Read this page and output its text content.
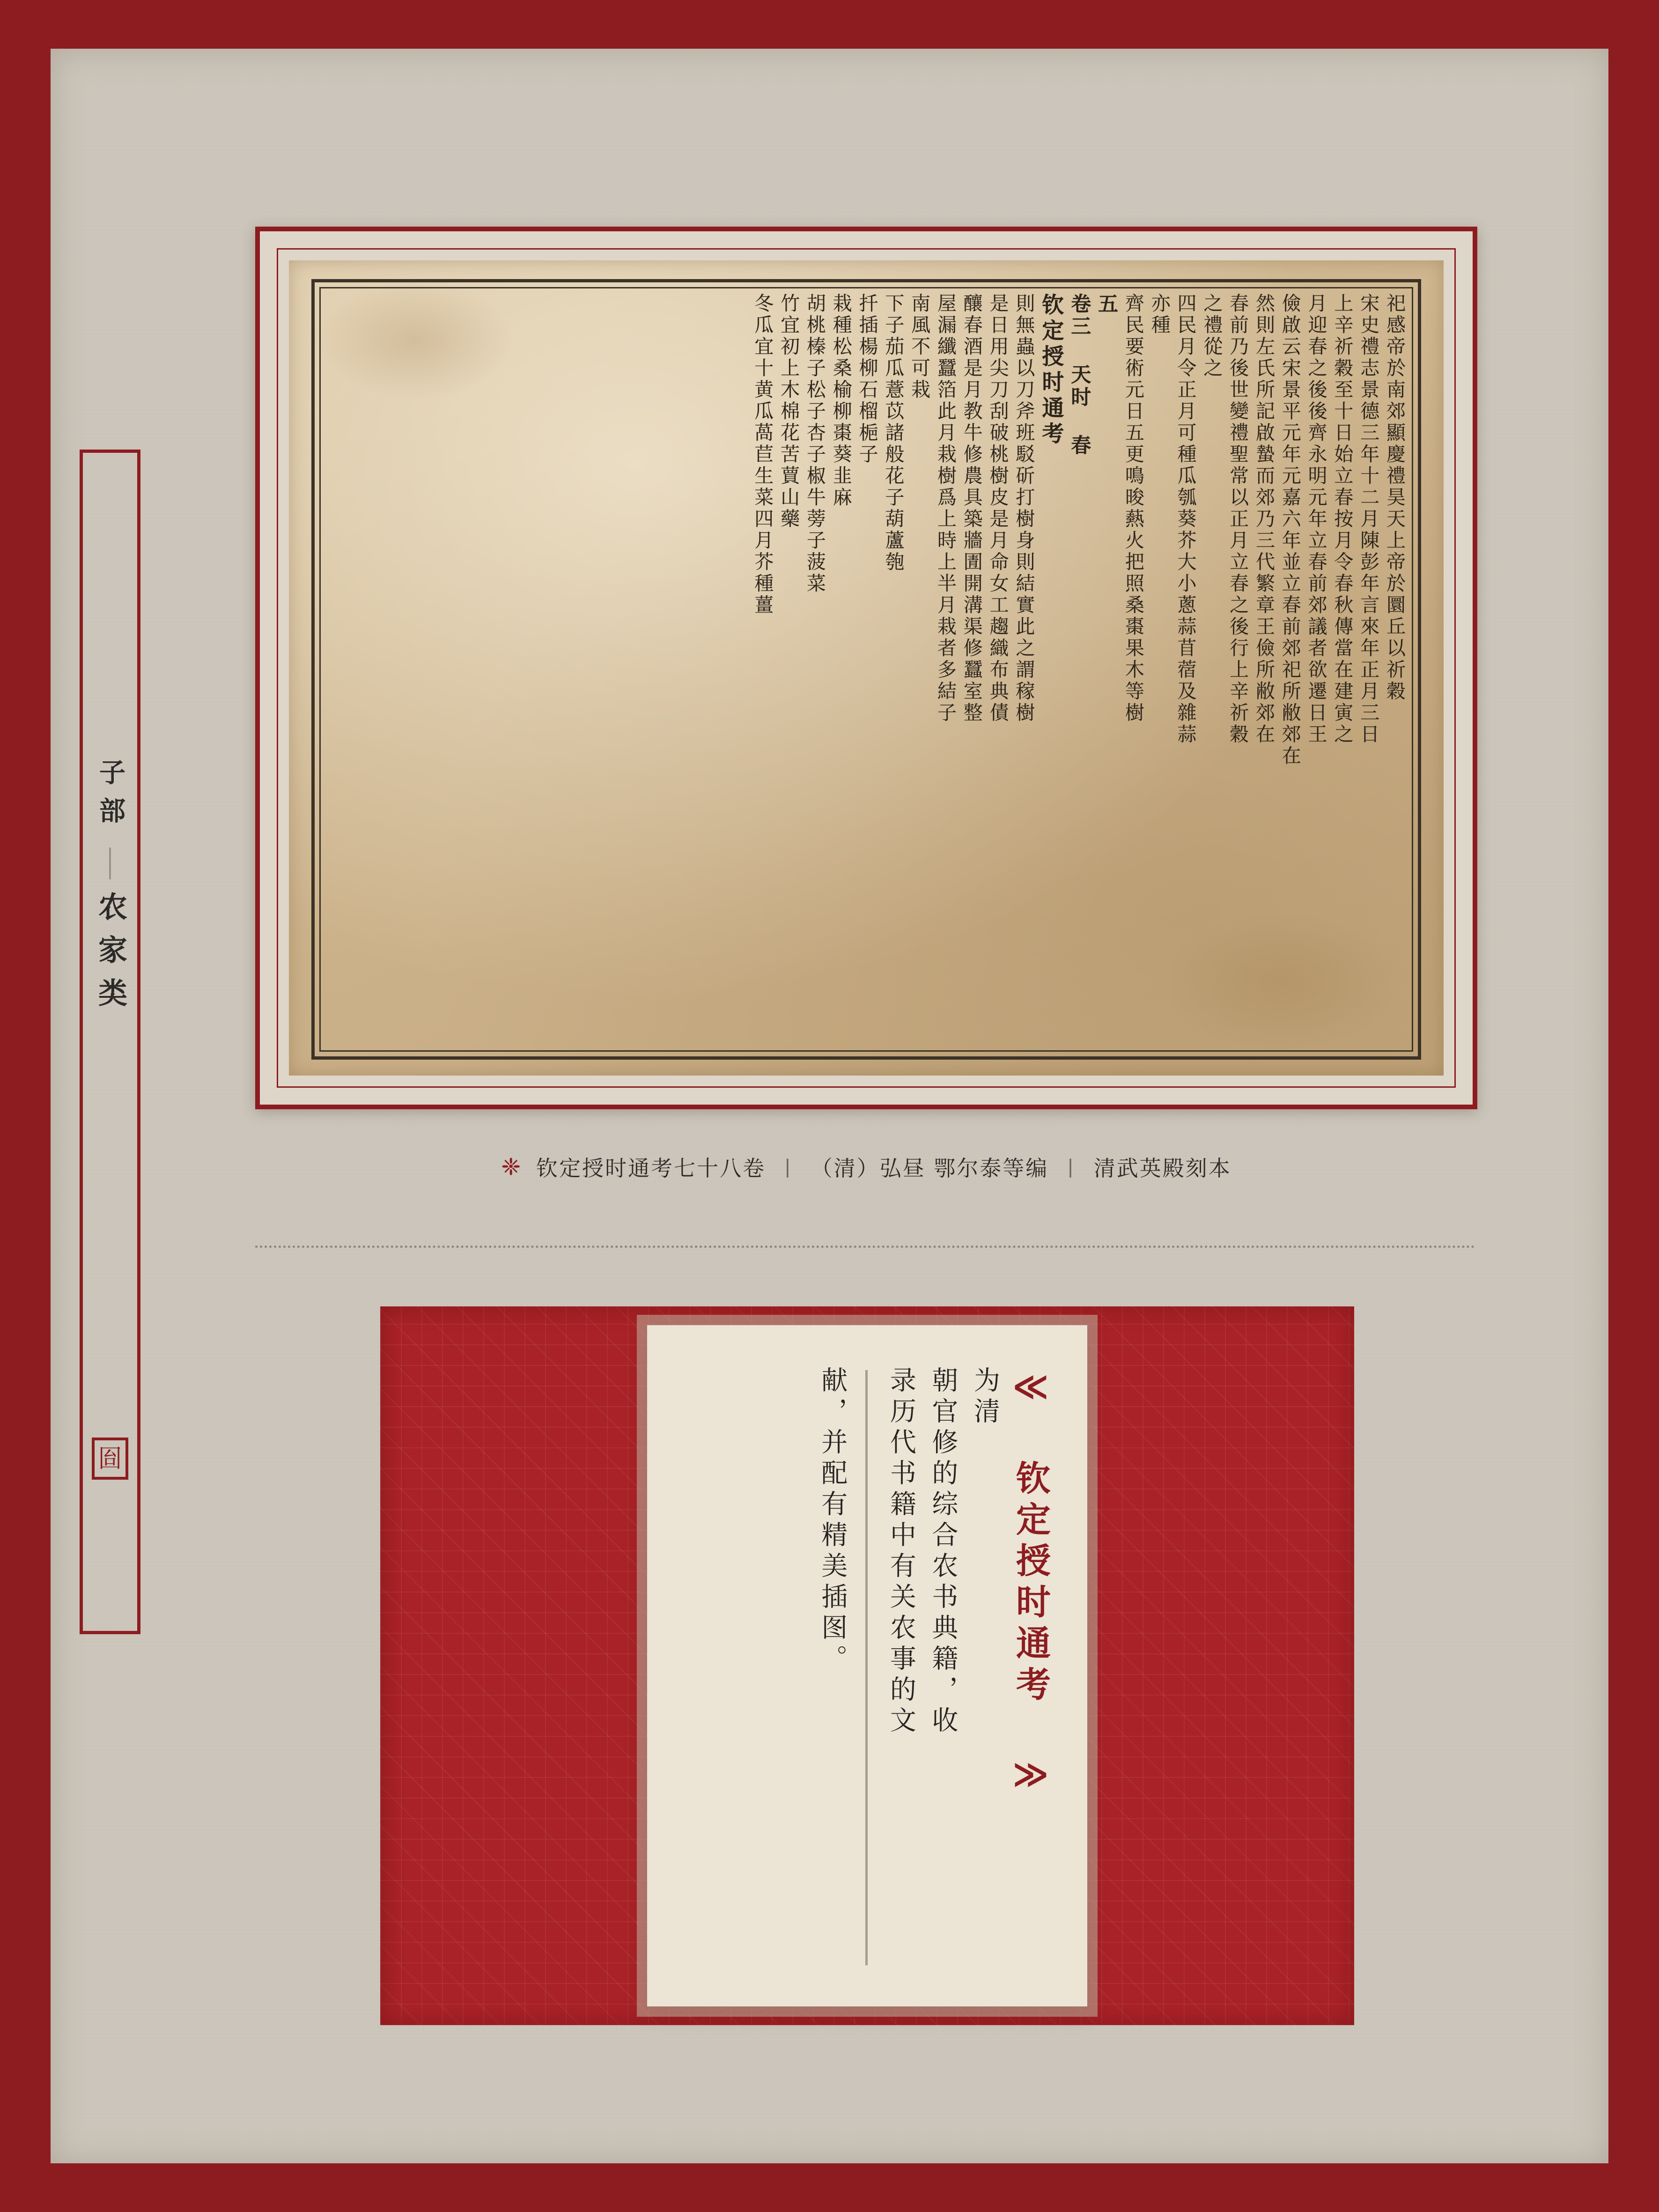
子部
农家类
囼
祀感帝於南郊顯慶禮昊天上帝於圜丘以祈穀
宋史禮志景德三年十二月陳彭年言來年正月三日
上辛祈穀至十日始立春按月令春秋傳當在建寅之
月迎春之後後齊永明元年立春前郊議者欲遷日王
儉啟云宋景平元年元嘉六年並立春前郊祀所敝郊在
然則左氏所記啟蟄而郊乃三代繁章王儉所敝郊在
春前乃後世變禮聖常以正月立春之後行上辛祈穀
之禮從之
四民月令正月可種瓜瓠葵芥大小蔥蒜苜蓿及雜蒜
亦種
齊民要術元日五更鳴晙爇火把照桑棗果木等樹
五
卷三 天时 春
钦定授时通考
則無蟲以刀斧班駁斫打樹身則結實此之謂稼樹
是日用尖刀刮破桃樹皮是月命女工趨織布典債
釀春酒是月教牛修農具築牆圊開溝渠修蠶室整
屋漏纖蠶箔此月栽樹爲上時上半月栽者多結子
南風不可栽
下子茄瓜薏苡諸般花子葫蘆匏
扦插楊柳石榴梔子
栽種松桑榆柳棗葵韭麻
胡桃榛子松子杏子椒牛蒡子菠菜
竹宜初上木棉花苦蕒山藥
冬瓜宜十黄瓜萵苣生菜四月芥種薑
❈ 钦定授时通考七十八卷 | （清）弘昼 鄂尔泰等编 | 清武英殿刻本
≪ 钦定授时通考 ≫
为清
朝官修的综合农书典籍，收
录历代书籍中有关农事的文
献，并配有精美插图。
